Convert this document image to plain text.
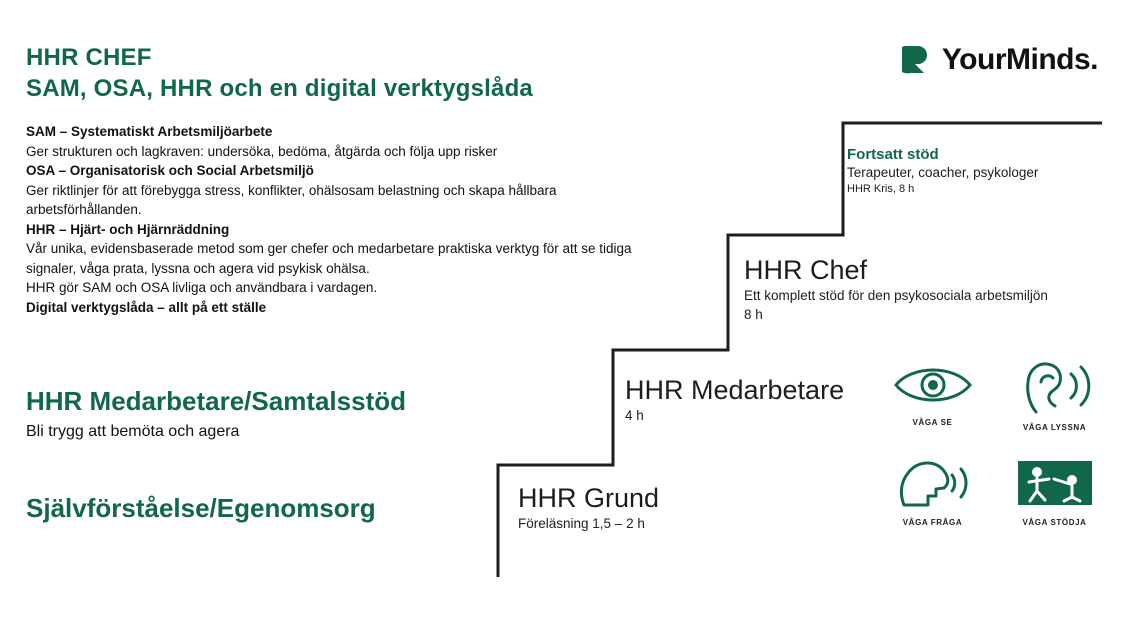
HHR CHEF
SAM, OSA, HHR och en digital verktygslåda

SAM – Systematiskt Arbetsmiljöarbete

Ger strukturen och lagkraven: undersöka, bedöma, åtgärda och följa upp risker

OSA – Organisatorisk och Social Arbetsmiljö

Ger riktlinjer för att förebygga stress, konflikter, ohälsosam belastning och skapa hållbara

arbetsförhållanden.

HHR – Hjärt- och Hjärnräddning

Vår unika, evidensbaserade metod som ger chefer och medarbetare praktiska verktyg för att se tidiga

signaler, våga prata, lyssna och agera vid psykisk ohälsa.

HHR gör SAM och OSA livliga och användbara i vardagen.

Digital verktygslåda – allt på ett ställe

HHR Medarbetare/Samtalsstöd
Bli trygg att bemöta och agera
Självförståelse/Egenomsorg
YourMinds.
Fortsatt stöd
Terapeuter, coacher, psykologer
HHR Kris, 8 h
HHR Chef
Ett komplett stöd för den psykosociala arbetsmiljön
8 h
HHR Medarbetare
4 h
HHR Grund
Föreläsning 1,5 – 2 h
VÅGA SE
VÅGA LYSSNA
VÅGA FRÅGA	VÅGA STÖDJA
